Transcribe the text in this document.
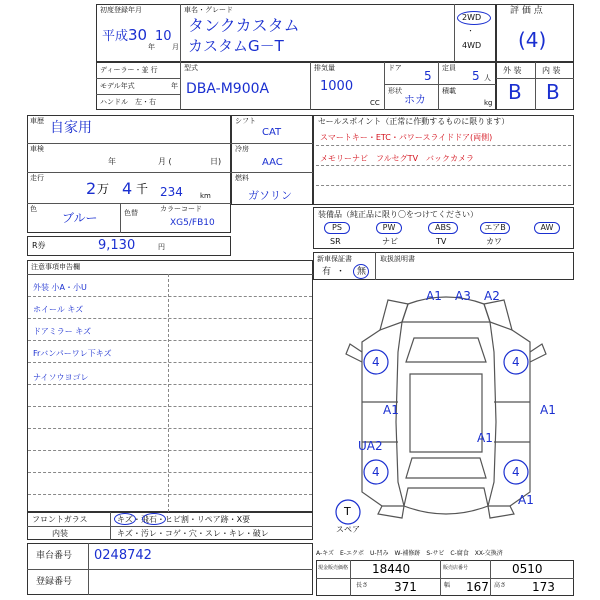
初度登録年月
平成 30
年
10
月
車名・グレード
タンクカスタム
カスタムG－T
2WD
・
4WD
評 価 点
(4)
ディーラー・並 行
モデル年式	年
ハンドル　左・右
型式
DBA-M900A
排気量
1000
CC
ドア
5
定員
5 人
形状
ホカ
積載
kg
外 装	内 装
B B
車歴 自家用
車検
年	月 (	日)
走行
2 万 4 千 234 km
色
ブルー	色替	カラーコード
XG5/FB10
R券	9,130	円
シフト
CAT
冷房
AAC
燃料
ガソリン
セールスポイント（正常に作動するものに限ります）
スマートキー・ETC・パワースライドドア(両側)
メモリーナビ　フルセグTV　バックカメラ
装備品（純正品に限り〇をつけてください）
PS	PW	ABS	エアB	AW
SR	ナビ	TV	カワ
新車保証書
有 ・ 無
取扱説明書
注意事項申告欄
外装 小A・小U
ホイール キズ
ドアミラー キズ
Frバンパーワレ下キズ
ナイソウヨゴレ
フロントガラス	キズ・飛石・ヒビ割・リペア跡・X要
内装	キズ・汚レ・コゲ・穴・スレ・キレ・破レ
車台番号 0248742
登録番号
A1 A3 A2
4	4
A1	A1
A1
UA2
4	4
A1
T
スペア
A-キズ　E-エクボ　U-凹み　W-補修跡　S-サビ　C-腐食　XX-交換済
現金販売価格 18440	販売店番号	0510
長さ 371	幅 167 高さ 173
